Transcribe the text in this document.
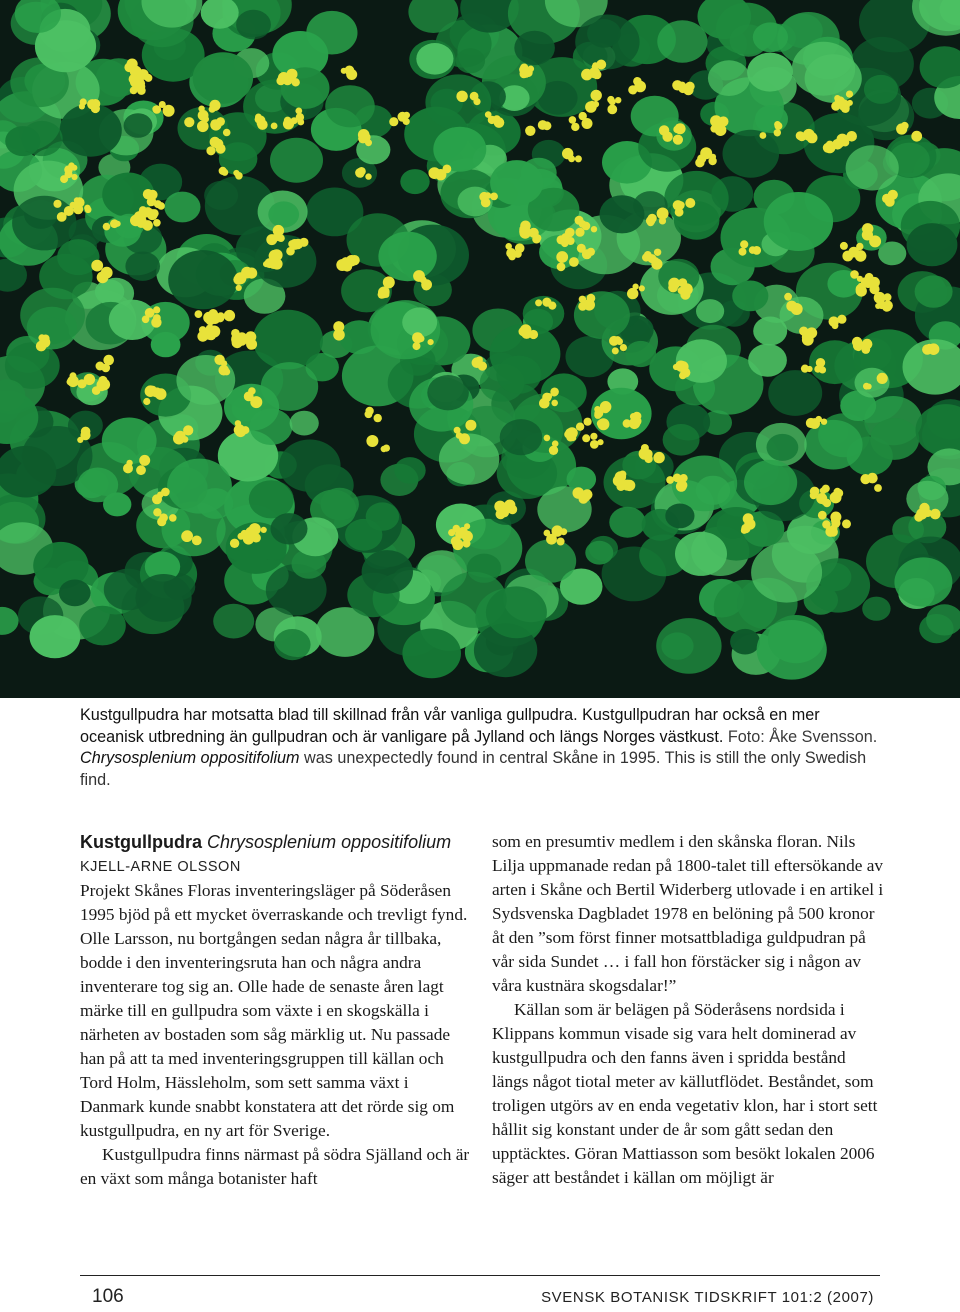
Kustgullpudra har motsatta blad till skillnad från vår vanliga gullpudra. Kustgullpudran har också en mer oceanisk utbredning än gullpudran och är vanligare på Jylland och längs Norges västkust. Foto: Åke Svensson. Chrysosplenium oppositifolium was unexpectedly found in central Skåne in 1995. This is still the only Swedish find.
Kustgullpudra Chrysosplenium oppositifolium
KJELL-ARNE OLSSON

Projekt Skånes Floras inventeringsläger på Söderåsen 1995 bjöd på ett mycket överraskande och trevligt fynd. Olle Larsson, nu bortgången sedan några år tillbaka, bodde i den inventeringsruta han och några andra inventerare tog sig an. Olle hade de senaste åren lagt märke till en gullpudra som växte i en skogskälla i närheten av bostaden som såg märklig ut. Nu passade han på att ta med inventeringsgruppen till källan och Tord Holm, Hässleholm, som sett samma växt i Danmark kunde snabbt konstatera att det rörde sig om kustgullpudra, en ny art för Sverige.

Kustgullpudra finns närmast på södra Själland och är en växt som många botanister haft

som en presumtiv medlem i den skånska floran. Nils Lilja uppmanade redan på 1800-talet till eftersökande av arten i Skåne och Bertil Widerberg utlovade i en artikel i Sydsvenska Dagbladet 1978 en belöning på 500 kronor åt den ”som först finner motsattbladiga guldpudran på vår sida Sundet … i fall hon förstäcker sig i någon av våra kustnära skogsdalar!”

Källan som är belägen på Söderåsens nordsida i Klippans kommun visade sig vara helt dominerad av kustgullpudra och den fanns även i spridda bestånd längs något tiotal meter av källutflödet. Beståndet, som troligen utgörs av en enda vegetativ klon, har i stort sett hållit sig konstant under de år som gått sedan den upptäcktes. Göran Mattiasson som besökt lokalen 2006 säger att beståndet i källan om möjligt är

106	SVENSK BOTANISK TIDSKRIFT 101:2 (2007)
